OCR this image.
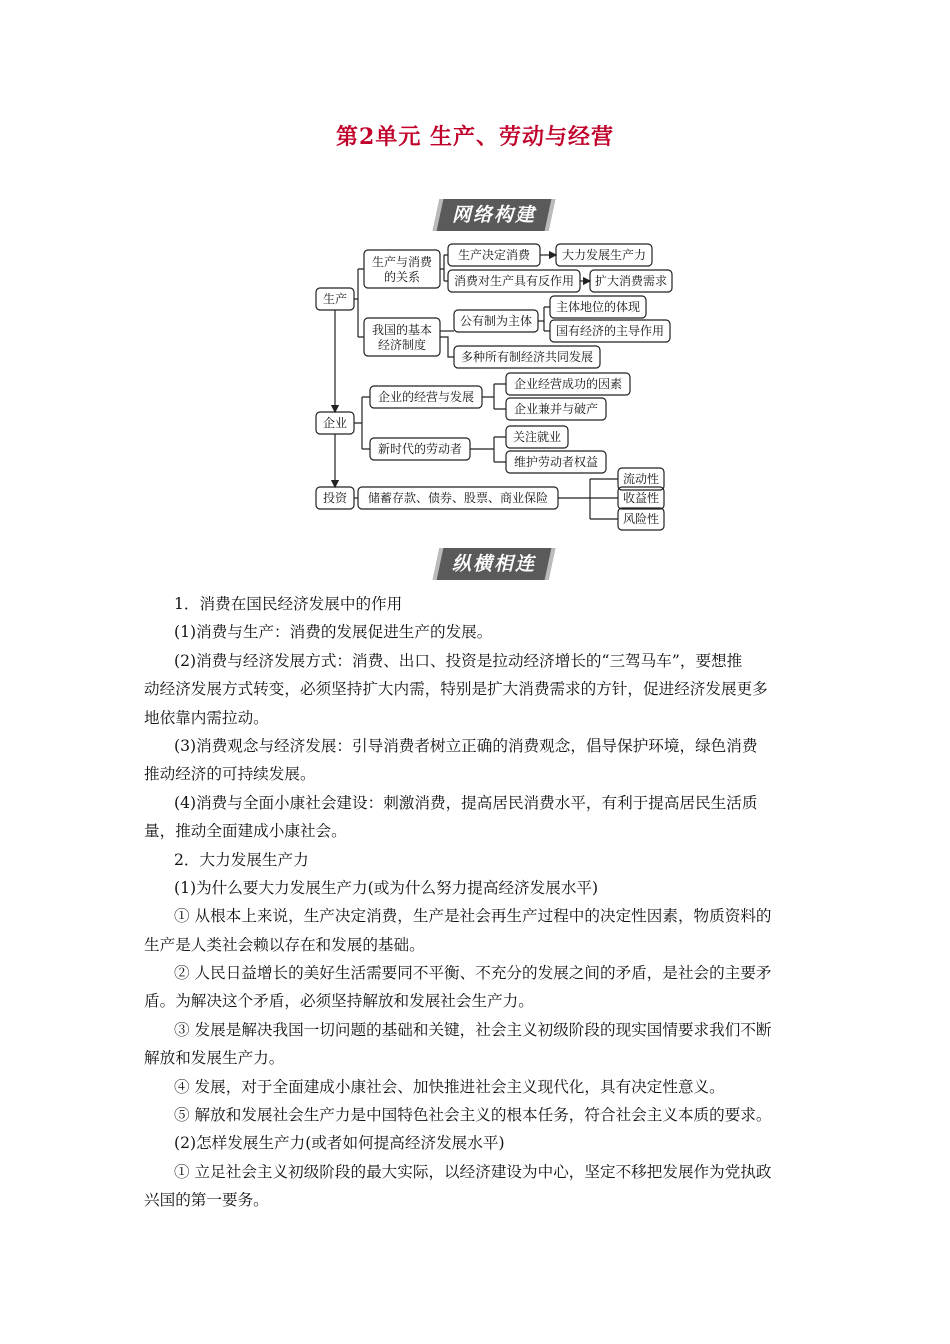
第2单元 生产、劳动与经营
网络构建
生产
生产与消费
的关系
生产决定消费	大力发展生产力
消费对生产具有反作用 扩大消费需求
我国的基本
经济制度
公有制为主体
主体地位的体现
国有经济的主导作用
多种所有制经济共同发展
企业
企业的经营与发展
企业经营成功的因素
企业兼并与破产
新时代的劳动者
关注就业
维护劳动者权益
投资 储蓄存款、债券、股票、商业保险
流动性
收益性
风险性
纵横相连
1．消费在国民经济发展中的作用
(1)消费与生产：消费的发展促进生产的发展。
(2)消费与经济发展方式：消费、出口、投资是拉动经济增长的“三驾马车”，要想推
动经济发展方式转变，必须坚持扩大内需，特别是扩大消费需求的方针，促进经济发展更多
地依靠内需拉动。
(3)消费观念与经济发展：引导消费者树立正确的消费观念，倡导保护环境，绿色消费
推动经济的可持续发展。
(4)消费与全面小康社会建设：刺激消费，提高居民消费水平，有利于提高居民生活质
量，推动全面建成小康社会。
2．大力发展生产力
(1)为什么要大力发展生产力(或为什么努力提高经济发展水平)
① 从根本上来说，生产决定消费，生产是社会再生产过程中的决定性因素，物质资料的
生产是人类社会赖以存在和发展的基础。
② 人民日益增长的美好生活需要同不平衡、不充分的发展之间的矛盾，是社会的主要矛
盾。为解决这个矛盾，必须坚持解放和发展社会生产力。
③ 发展是解决我国一切问题的基础和关键，社会主义初级阶段的现实国情要求我们不断
解放和发展生产力。
④ 发展，对于全面建成小康社会、加快推进社会主义现代化，具有决定性意义。
⑤ 解放和发展社会生产力是中国特色社会主义的根本任务，符合社会主义本质的要求。
(2)怎样发展生产力(或者如何提高经济发展水平)
① 立足社会主义初级阶段的最大实际，以经济建设为中心，坚定不移把发展作为党执政
兴国的第一要务。
